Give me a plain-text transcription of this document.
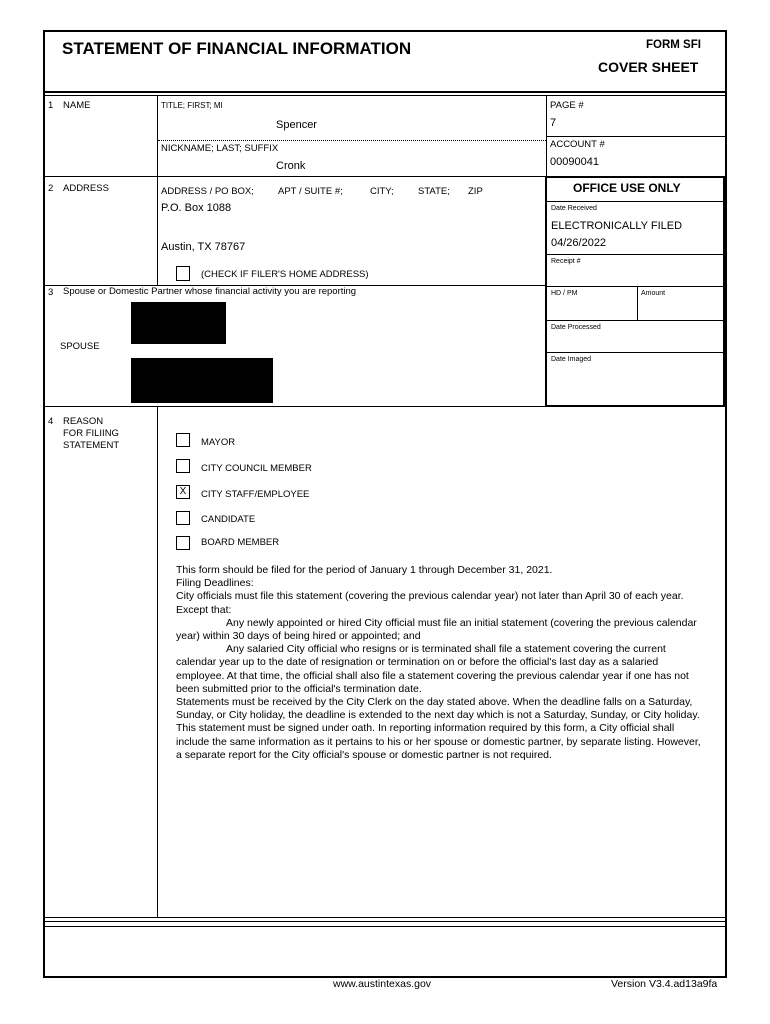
STATEMENT OF FINANCIAL INFORMATION	FORM SFI
COVER SHEET
1 NAME	TITLE; FIRST; MI
Spencer
NICKNAME; LAST; SUFFIX
Cronk
PAGE #
7
ACCOUNT #
00090041
2 ADDRESS	ADDRESS / PO BOX;	APT / SUITE #;	CITY;	STATE; ZIP
P.O. Box 1088
Austin, TX 78767
(CHECK IF FILER'S HOME ADDRESS)
OFFICE USE ONLY
Date Received
ELECTRONICALLY FILED
04/26/2022
Receipt #
HD / PM	Amount
Date Processed
Date Imaged
3 Spouse or Domestic Partner whose financial activity you are reporting
SPOUSE
4 REASON
FOR FILIING
STATEMENT	MAYOR
CITY COUNCIL MEMBER
X	CITY STAFF/EMPLOYEE
CANDIDATE
BOARD MEMBER

This form should be filed for the period of January 1 through December 31, 2021.

Filing Deadlines:

City officials must file this statement (covering the previous calendar year) not later than April 30 of each year.

Except that:

Any newly appointed or hired City official must file an initial statement (covering the previous calendar year) within 30 days of being hired or appointed; and

Any salaried City official who resigns or is terminated shall file a statement covering the current calendar year up to the date of resignation or termination on or before the official's last day as a salaried employee. At that time, the official shall also file a statement covering the previous calendar year if one has not been submitted prior to the official's termination date.

Statements must be received by the City Clerk on the day stated above. When the deadline falls on a Saturday, Sunday, or City holiday, the deadline is extended to the next day which is not a Saturday, Sunday, or City holiday.

This statement must be signed under oath. In reporting information required by this form, a City official shall include the same information as it pertains to his or her spouse or domestic partner, by separate listing. However, a separate report for the City official's spouse or domestic partner is not required.

www.austintexas.gov	Version V3.4.ad13a9fa
